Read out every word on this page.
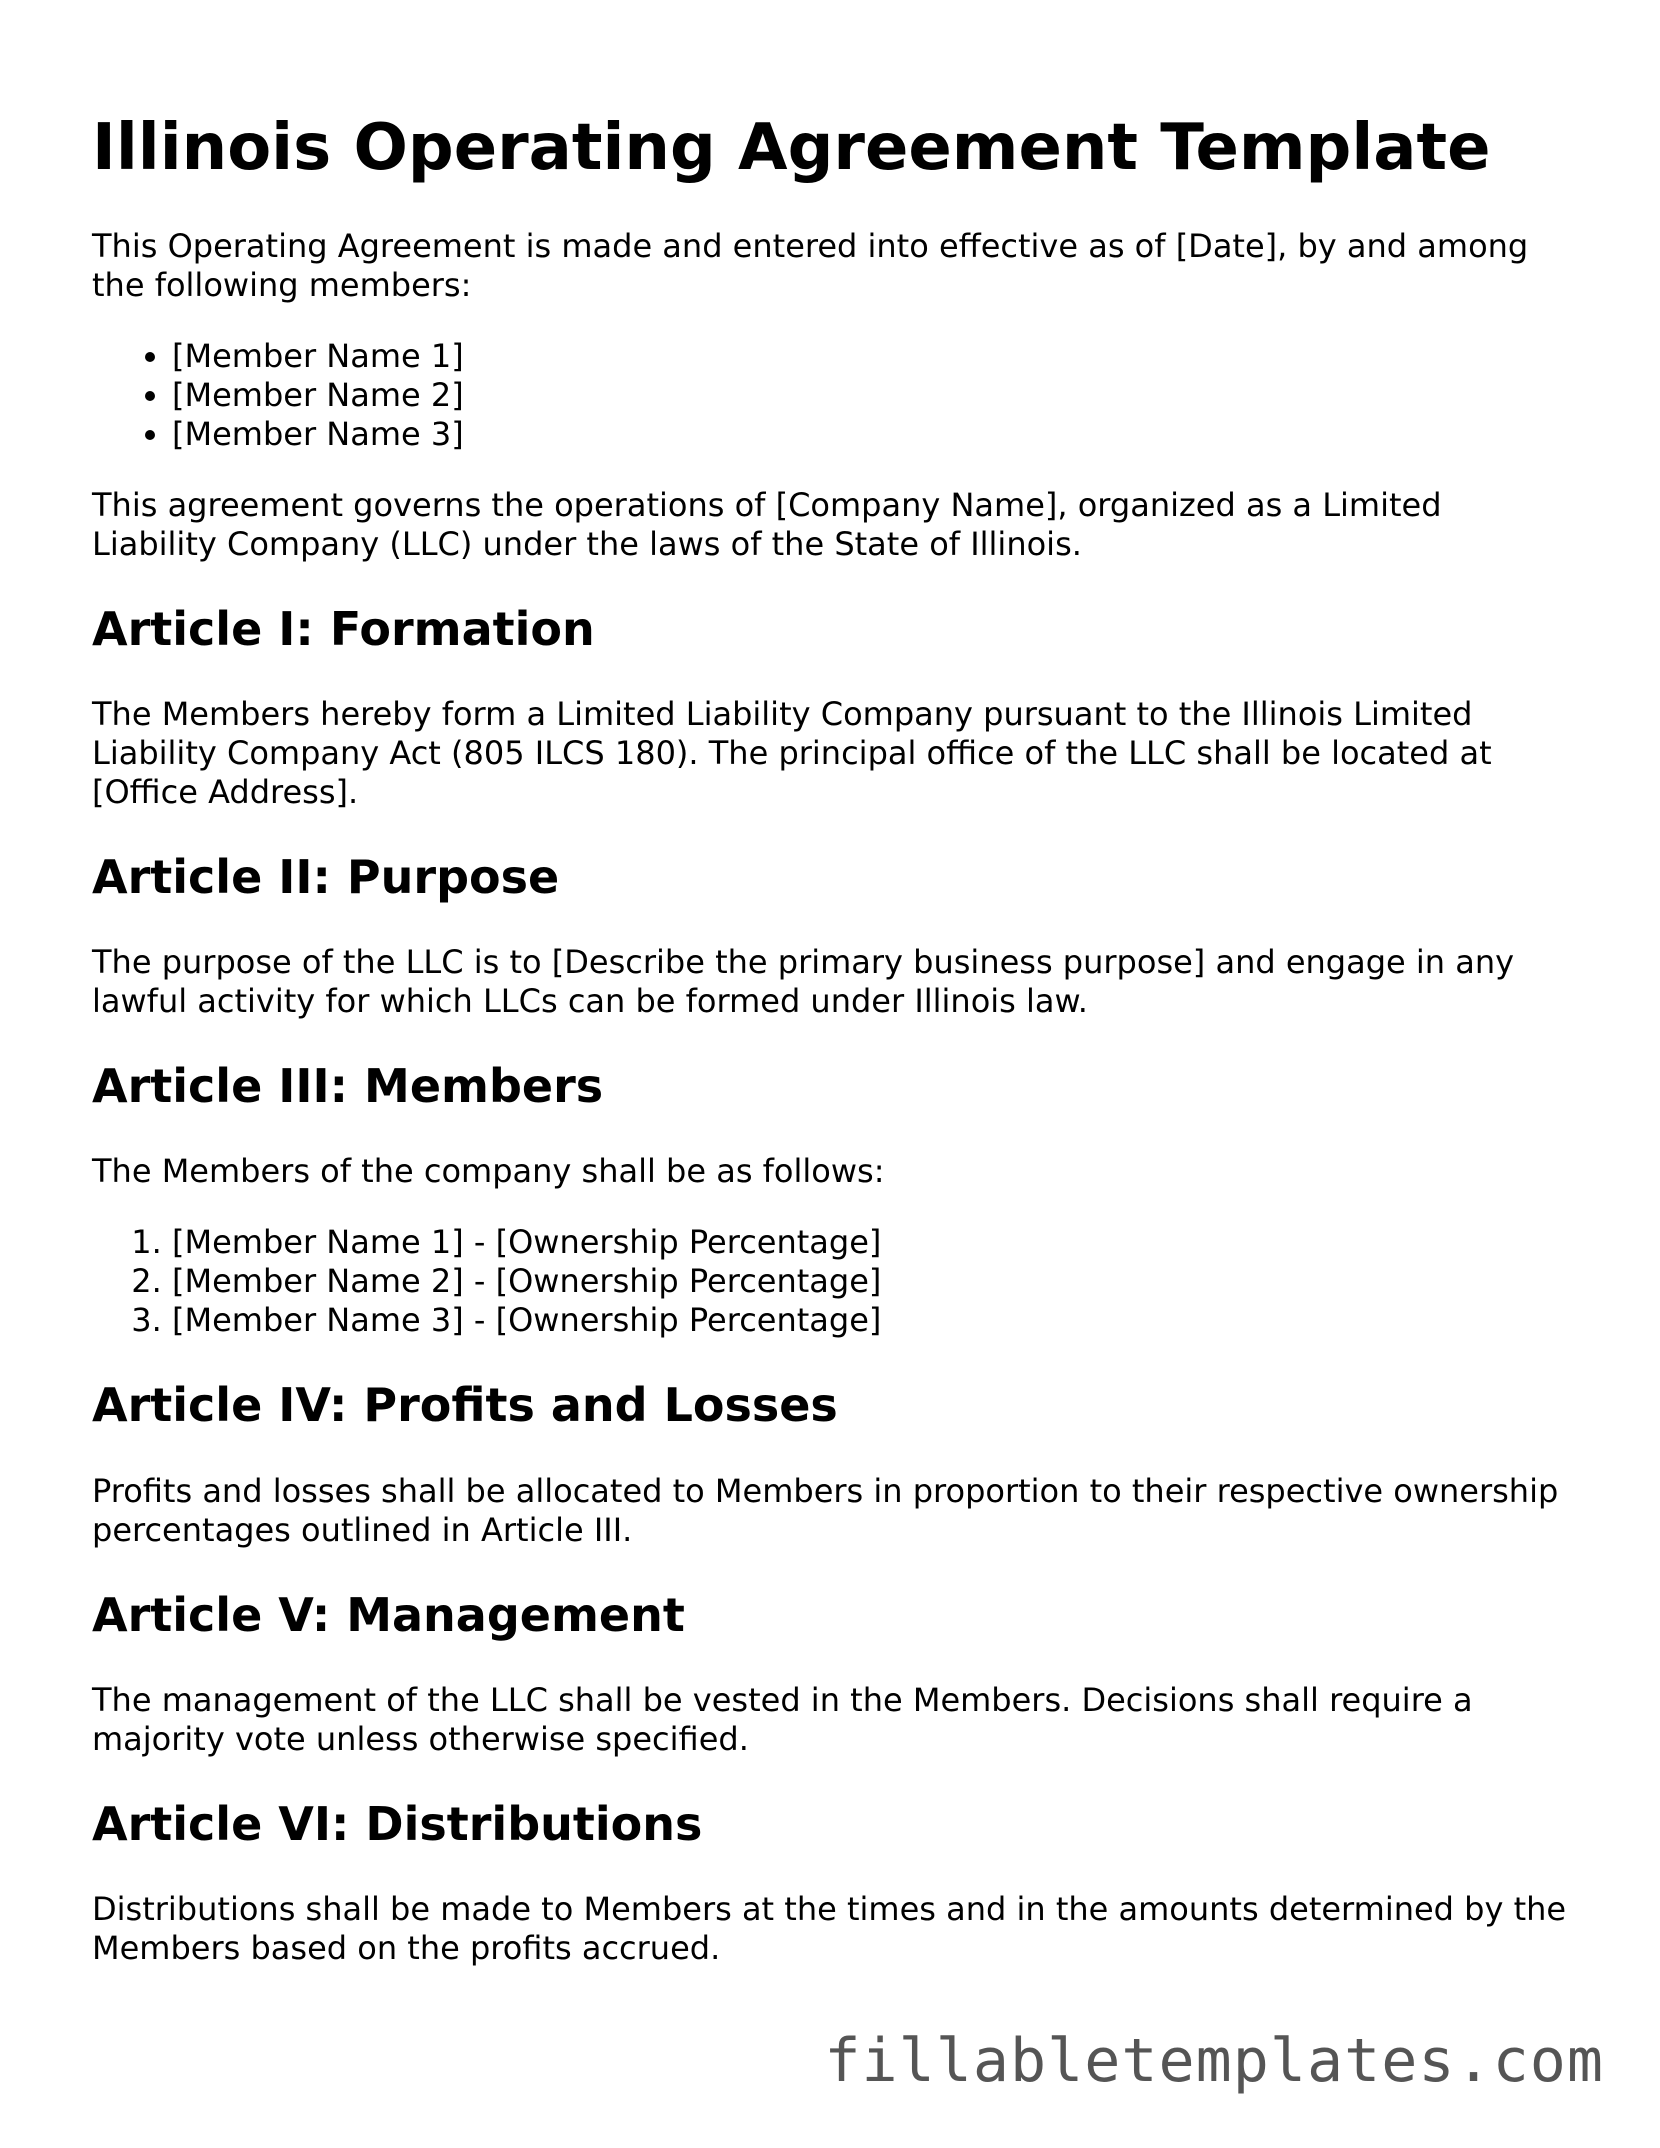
Illinois Operating Agreement Template

This Operating Agreement is made and entered into effective as of [Date], by and among the following members:

• [Member Name 1]
• [Member Name 2]
• [Member Name 3]

This agreement governs the operations of [Company Name], organized as a Limited Liability Company (LLC) under the laws of the State of Illinois.

Article I: Formation

The Members hereby form a Limited Liability Company pursuant to the Illinois Limited Liability Company Act (805 ILCS 180). The principal office of the LLC shall be located at [Office Address].

Article II: Purpose

The purpose of the LLC is to [Describe the primary business purpose] and engage in any lawful activity for which LLCs can be formed under Illinois law.

Article III: Members

The Members of the company shall be as follows:

1. [Member Name 1] - [Ownership Percentage]
2. [Member Name 2] - [Ownership Percentage]
3. [Member Name 3] - [Ownership Percentage]
Article IV: Profits and Losses

Profits and losses shall be allocated to Members in proportion to their respective ownership percentages outlined in Article III.

Article V: Management

The management of the LLC shall be vested in the Members. Decisions shall require a majority vote unless otherwise specified.

Article VI: Distributions

Distributions shall be made to Members at the times and in the amounts determined by the Members based on the profits accrued.

fillabletemplates.com
